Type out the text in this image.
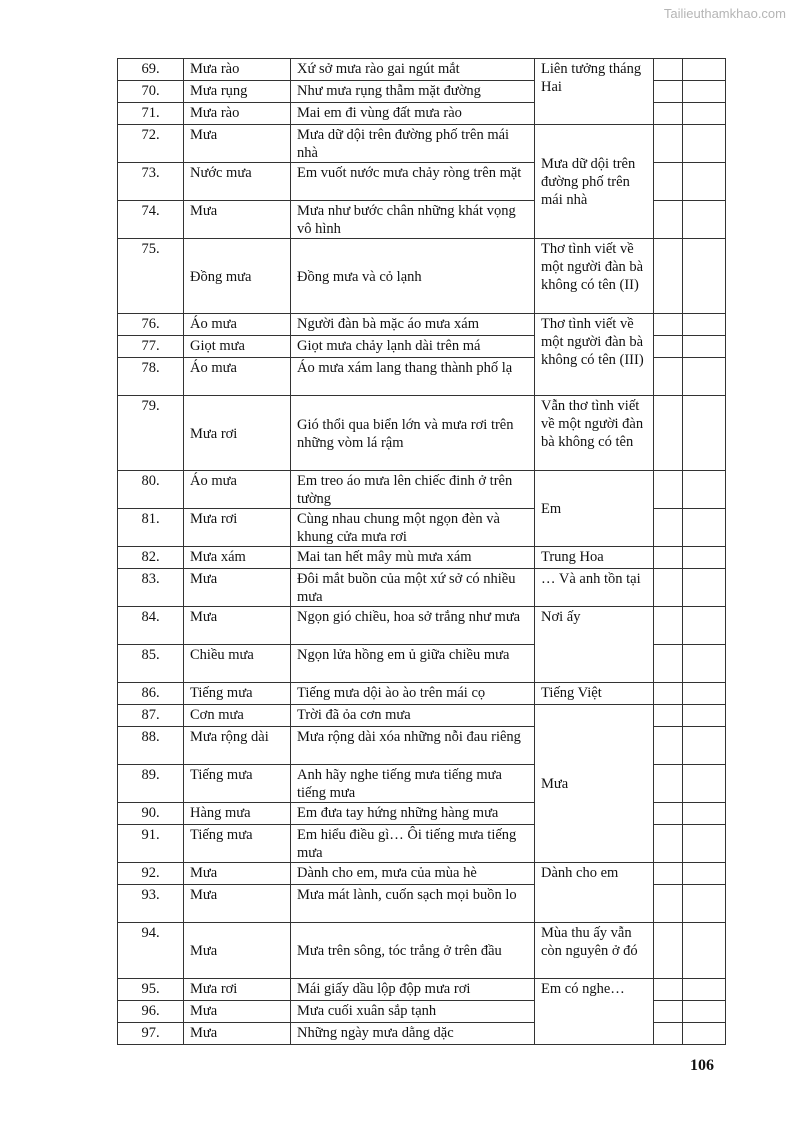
Tailieuthamkhao.com
69.	Mưa rào	Xứ sở mưa rào gai ngút mắt	Liên tưởng tháng Hai		
70.	Mưa rụng	Như mưa rụng thẫm mặt đường			
71.	Mưa rào	Mai em đi vùng đất mưa rào			
72.	Mưa	Mưa dữ dội trên đường phố trên mái nhà	Mưa dữ dội trên đường phố trên mái nhà		
73.	Nước mưa	Em vuốt nước mưa chảy ròng trên mặt			
74.	Mưa	Mưa như bước chân những khát vọng vô hình			
75.	Đồng mưa	Đồng mưa và cỏ lạnh	Thơ tình viết về một người đàn bà không có tên (II)		
76.	Áo mưa	Người đàn bà mặc áo mưa xám	Thơ tình viết về một người đàn bà không có tên (III)		
77.	Giọt mưa	Giọt mưa chảy lạnh dài trên má			
78.	Áo mưa	Áo mưa xám lang thang thành phố lạ			
79.	Mưa rơi	Gió thổi qua biển lớn và mưa rơi trên những vòm lá rậm	Vẫn thơ tình viết về một người đàn bà không có tên		
80.	Áo mưa	Em treo áo mưa lên chiếc đinh ở trên tường	Em		
81.	Mưa rơi	Cùng nhau chung một ngọn đèn và khung cửa mưa rơi			
82.	Mưa xám	Mai tan hết mây mù mưa xám	Trung Hoa		
83.	Mưa	Đôi mắt buồn của một xứ sở có nhiều mưa	… Và anh tồn tại		
84.	Mưa	Ngọn gió chiều, hoa sở trắng như mưa	Nơi ấy		
85.	Chiều mưa	Ngọn lửa hồng em ủ giữa chiều mưa			
86.	Tiếng mưa	Tiếng mưa dội ào ào trên mái cọ	Tiếng Việt		
87.	Cơn mưa	Trời đã ỏa cơn mưa	Mưa		
88.	Mưa rộng dài	Mưa rộng dài xóa những nỗi đau riêng			
89.	Tiếng mưa	Anh hãy nghe tiếng mưa tiếng mưa tiếng mưa			
90.	Hàng mưa	Em đưa tay hứng những hàng mưa			
91.	Tiếng mưa	Em hiểu điều gì… Ôi tiếng mưa tiếng mưa			
92.	Mưa	Dành cho em, mưa của mùa hè	Dành cho em		
93.	Mưa	Mưa mát lành, cuốn sạch mọi buồn lo			
94.	Mưa	Mưa trên sông, tóc trắng ở trên đầu	Mùa thu ấy vẫn còn nguyên ở đó		
95.	Mưa rơi	Mái giấy dầu lộp độp mưa rơi	Em có nghe…		
96.	Mưa	Mưa cuối xuân sắp tạnh			
97.	Mưa	Những ngày mưa dằng dặc			
106
